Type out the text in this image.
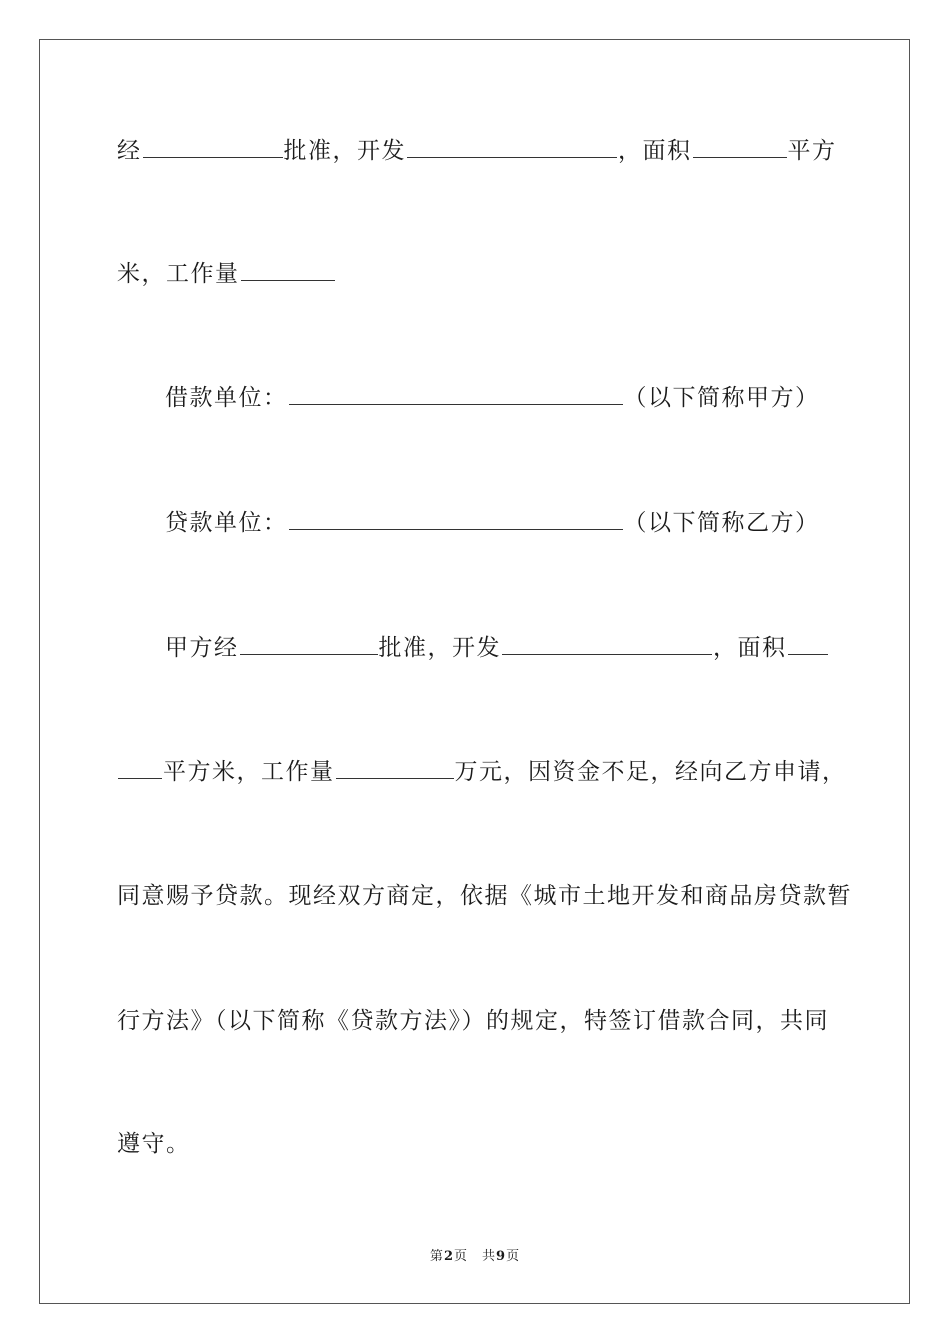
经	批准，开发	，面积	平方
米，工作量
借款单位：	（以下简称甲方）
贷款单位：	（以下简称乙方）
甲方经	批准，开发	，面积
平方米，工作量	万元，因资金不足，经向乙方申请，
同意赐予贷款。现经双方商定，依据《城市土地开发和商品房贷款暂
行方法》（以下简称《贷款方法》）的规定，特签订借款合同，共同
遵守。
第2页 共9页
